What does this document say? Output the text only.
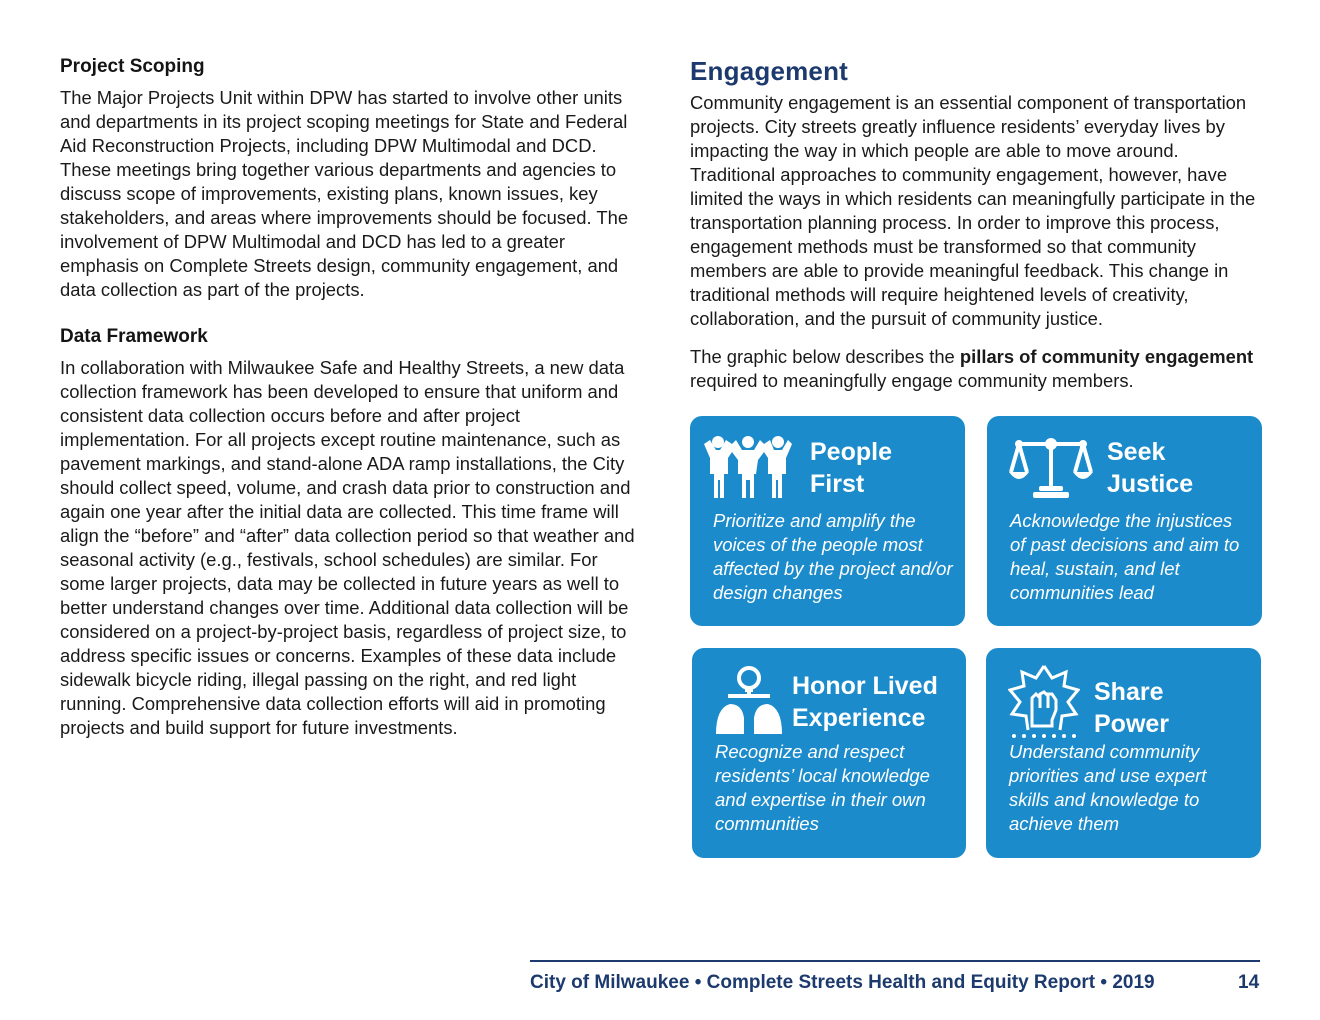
Project Scoping

The Major Projects Unit within DPW has started to involve other units and departments in its project scoping meetings for State and Federal Aid Reconstruction Projects, including DPW Multimodal and DCD. These meetings bring together various departments and agencies to discuss scope of improvements, existing plans, known issues, key stakeholders, and areas where improvements should be focused. The involvement of DPW Multimodal and DCD has led to a greater emphasis on Complete Streets design, community engagement, and data collection as part of the projects.

Data Framework

In collaboration with Milwaukee Safe and Healthy Streets, a new data collection framework has been developed to ensure that uniform and consistent data collection occurs before and after project implementation. For all projects except routine maintenance, such as pavement markings, and stand-alone ADA ramp installations, the City should collect speed, volume, and crash data prior to construction and again one year after the initial data are collected. This time frame will align the “before” and “after” data collection period so that weather and seasonal activity (e.g., festivals, school schedules) are similar. For some larger projects, data may be collected in future years as well to better understand changes over time. Additional data collection will be considered on a project-by-project basis, regardless of project size, to address specific issues or concerns. Examples of these data include sidewalk bicycle riding, illegal passing on the right, and red light running. Comprehensive data collection efforts will aid in promoting projects and build support for future investments.

Engagement

Community engagement is an essential component of transportation projects. City streets greatly influence residents’ everyday lives by impacting the way in which people are able to move around. Traditional approaches to community engagement, however, have limited the ways in which residents can meaningfully participate in the transportation planning process. In order to improve this process, engagement methods must be transformed so that community members are able to provide meaningful feedback. This change in traditional methods will require heightened levels of creativity, collaboration, and the pursuit of community justice.

The graphic below describes the pillars of community engagement required to meaningfully engage community members.

People
First
Prioritize and amplify the voices of the people most affected by the project and/or design changes
Seek
Justice
Acknowledge the injustices of past decisions and aim to heal, sustain, and let communities lead
Honor Lived
Experience
Recognize and respect residents’ local knowledge and expertise in their own communities
Share
Power
Understand community priorities and use expert skills and knowledge to achieve them
City of Milwaukee • Complete Streets Health and Equity Report • 2019	14
